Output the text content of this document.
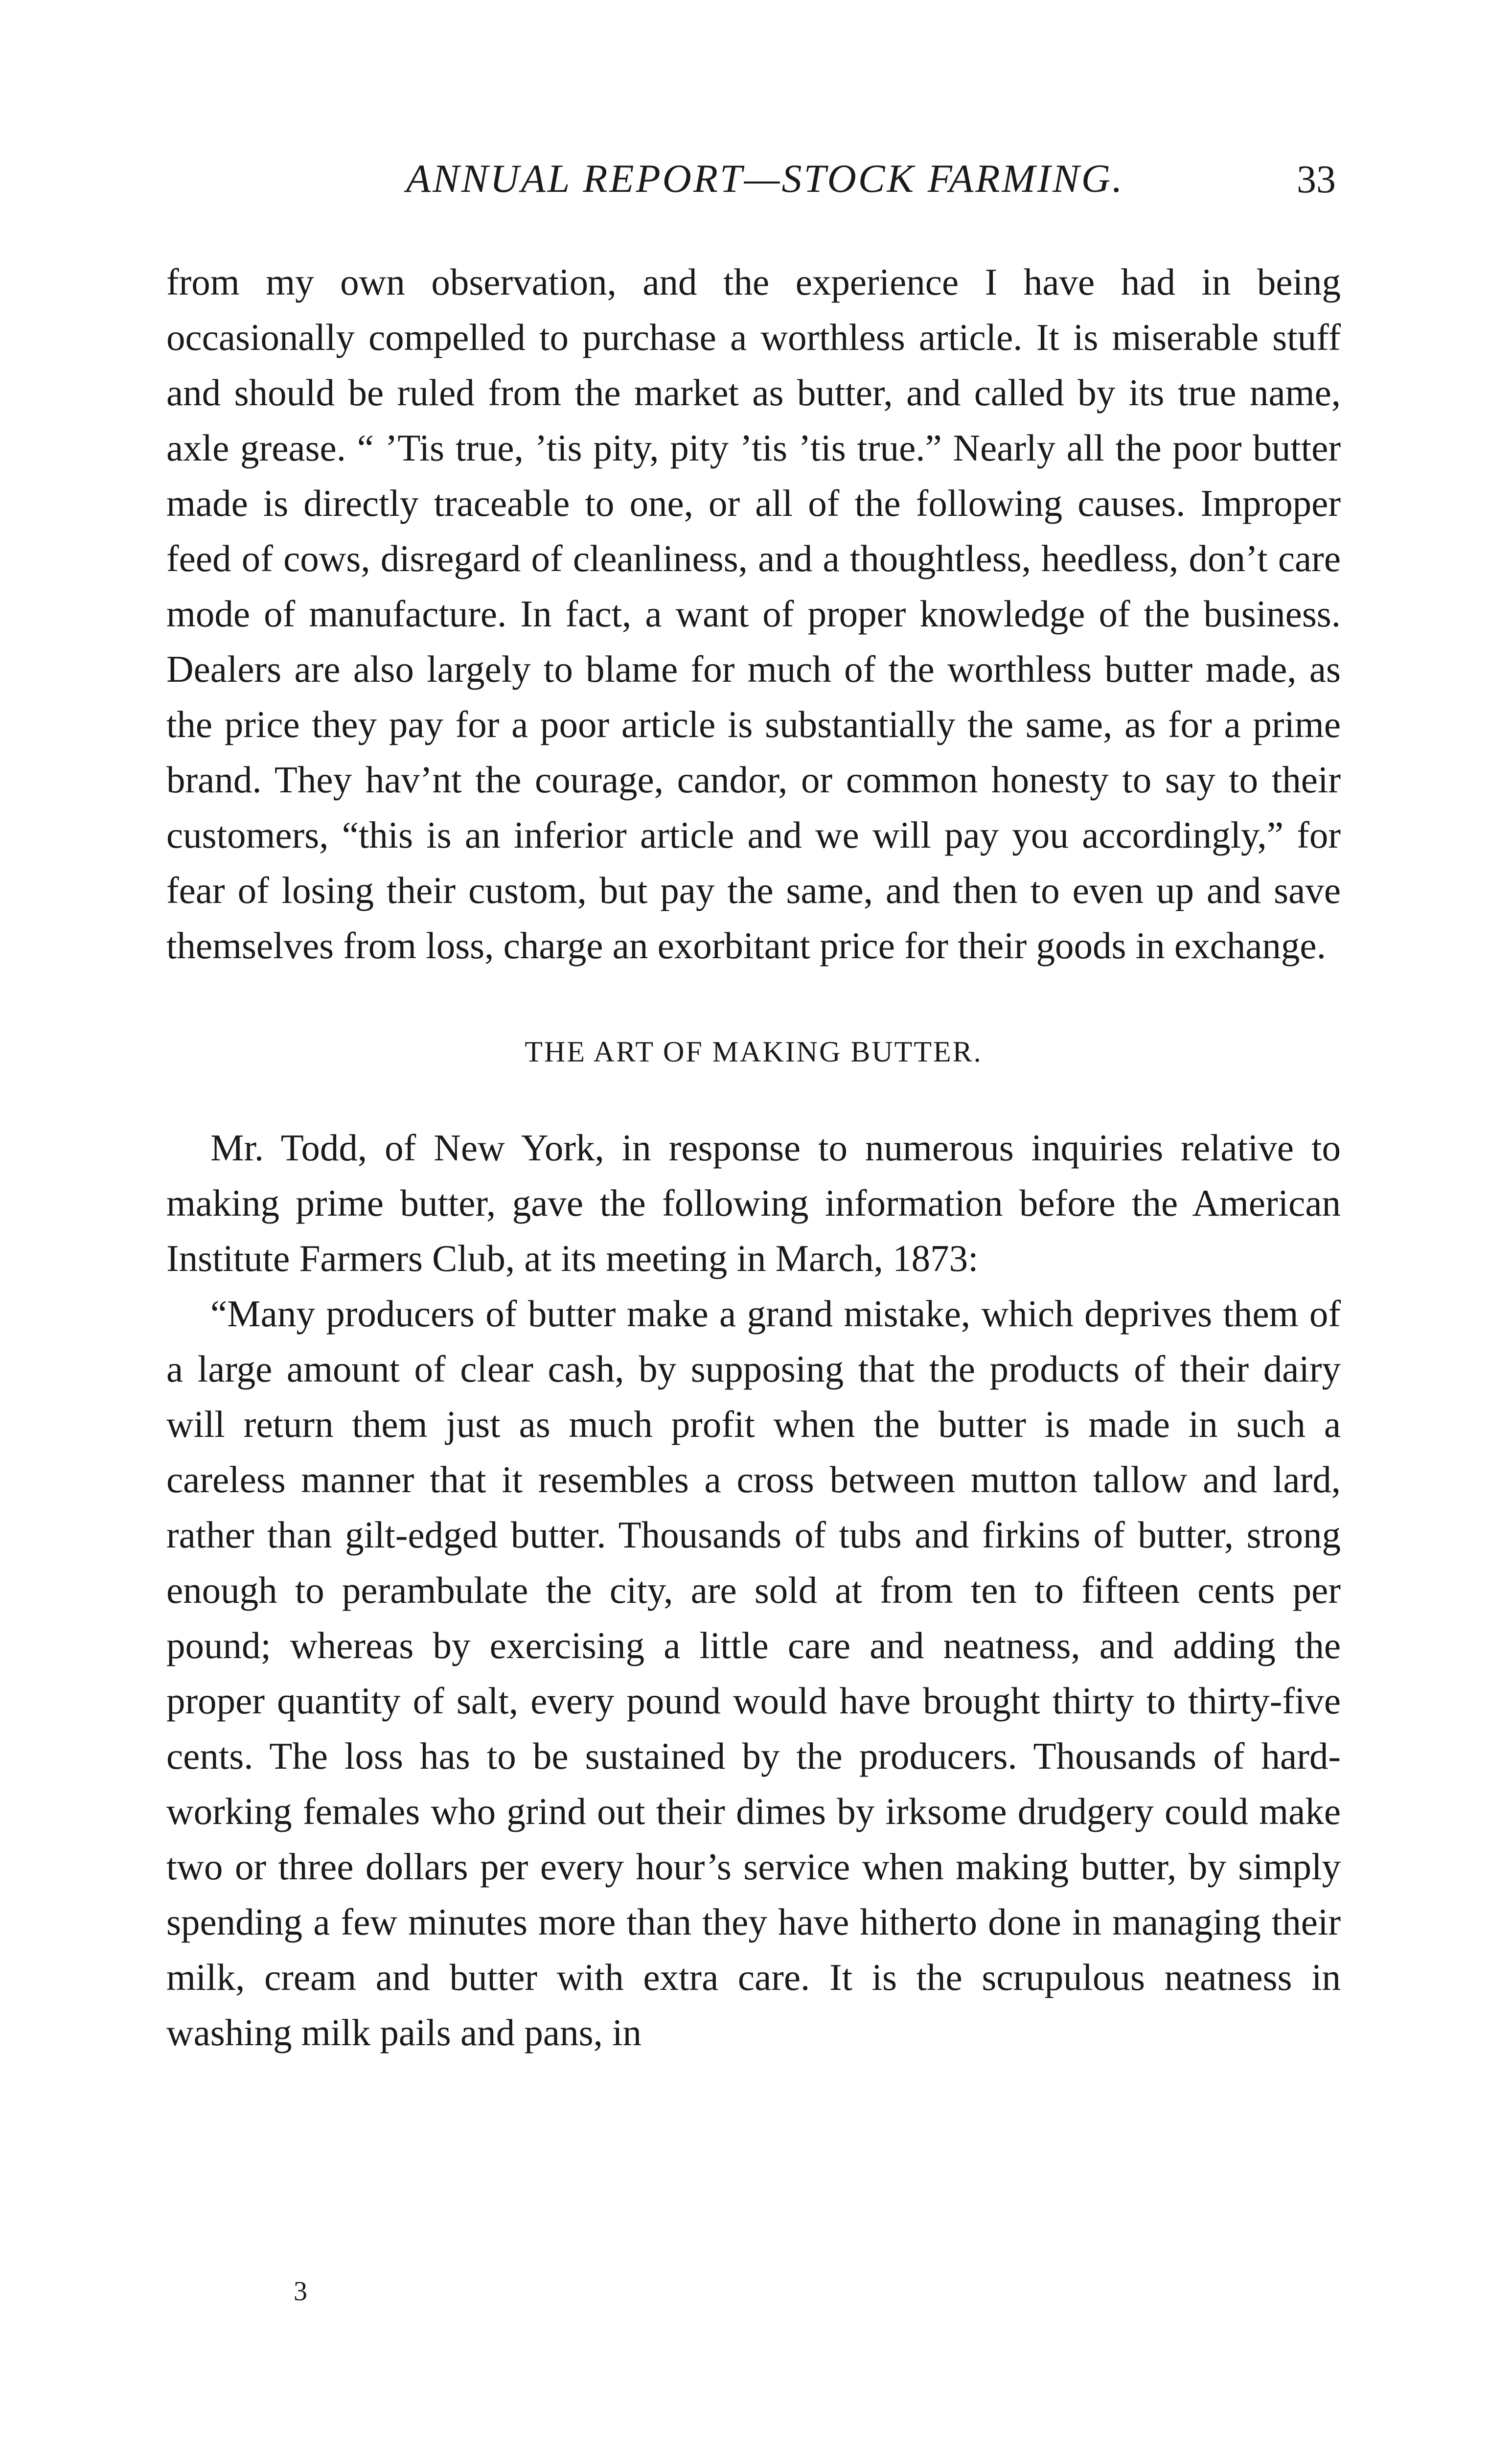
ANNUAL REPORT—STOCK FARMING.	33

from my own observation, and the experience I have had in being occasionally compelled to purchase a worthless article. It is miserable stuff and should be ruled from the market as butter, and called by its true name, axle grease. “ ’Tis true, ’tis pity, pity ’tis ’tis true.” Nearly all the poor butter made is directly traceable to one, or all of the following causes. Improper feed of cows, disregard of cleanliness, and a thoughtless, heedless, don’t care mode of manufacture. In fact, a want of proper knowledge of the business. Dealers are also largely to blame for much of the worthless butter made, as the price they pay for a poor article is substantially the same, as for a prime brand. They hav’nt the courage, candor, or common honesty to say to their customers, “this is an inferior article and we will pay you accordingly,” for fear of losing their custom, but pay the same, and then to even up and save themselves from loss, charge an exorbitant price for their goods in exchange.

THE ART OF MAKING BUTTER.

Mr. Todd, of New York, in response to numerous inquiries relative to making prime butter, gave the following information before the American Institute Farmers Club, at its meeting in March, 1873:

“Many producers of butter make a grand mistake, which deprives them of a large amount of clear cash, by supposing that the products of their dairy will return them just as much profit when the butter is made in such a careless manner that it resembles a cross between mutton tallow and lard, rather than gilt-edged butter. Thousands of tubs and firkins of butter, strong enough to perambulate the city, are sold at from ten to fifteen cents per pound; whereas by exercising a little care and neatness, and adding the proper quantity of salt, every pound would have brought thirty to thirty-five cents. The loss has to be sustained by the producers. Thousands of hard-working females who grind out their dimes by irksome drudgery could make two or three dollars per every hour’s service when making butter, by simply spending a few minutes more than they have hitherto done in managing their milk, cream and butter with extra care. It is the scrupulous neatness in washing milk pails and pans, in

3
